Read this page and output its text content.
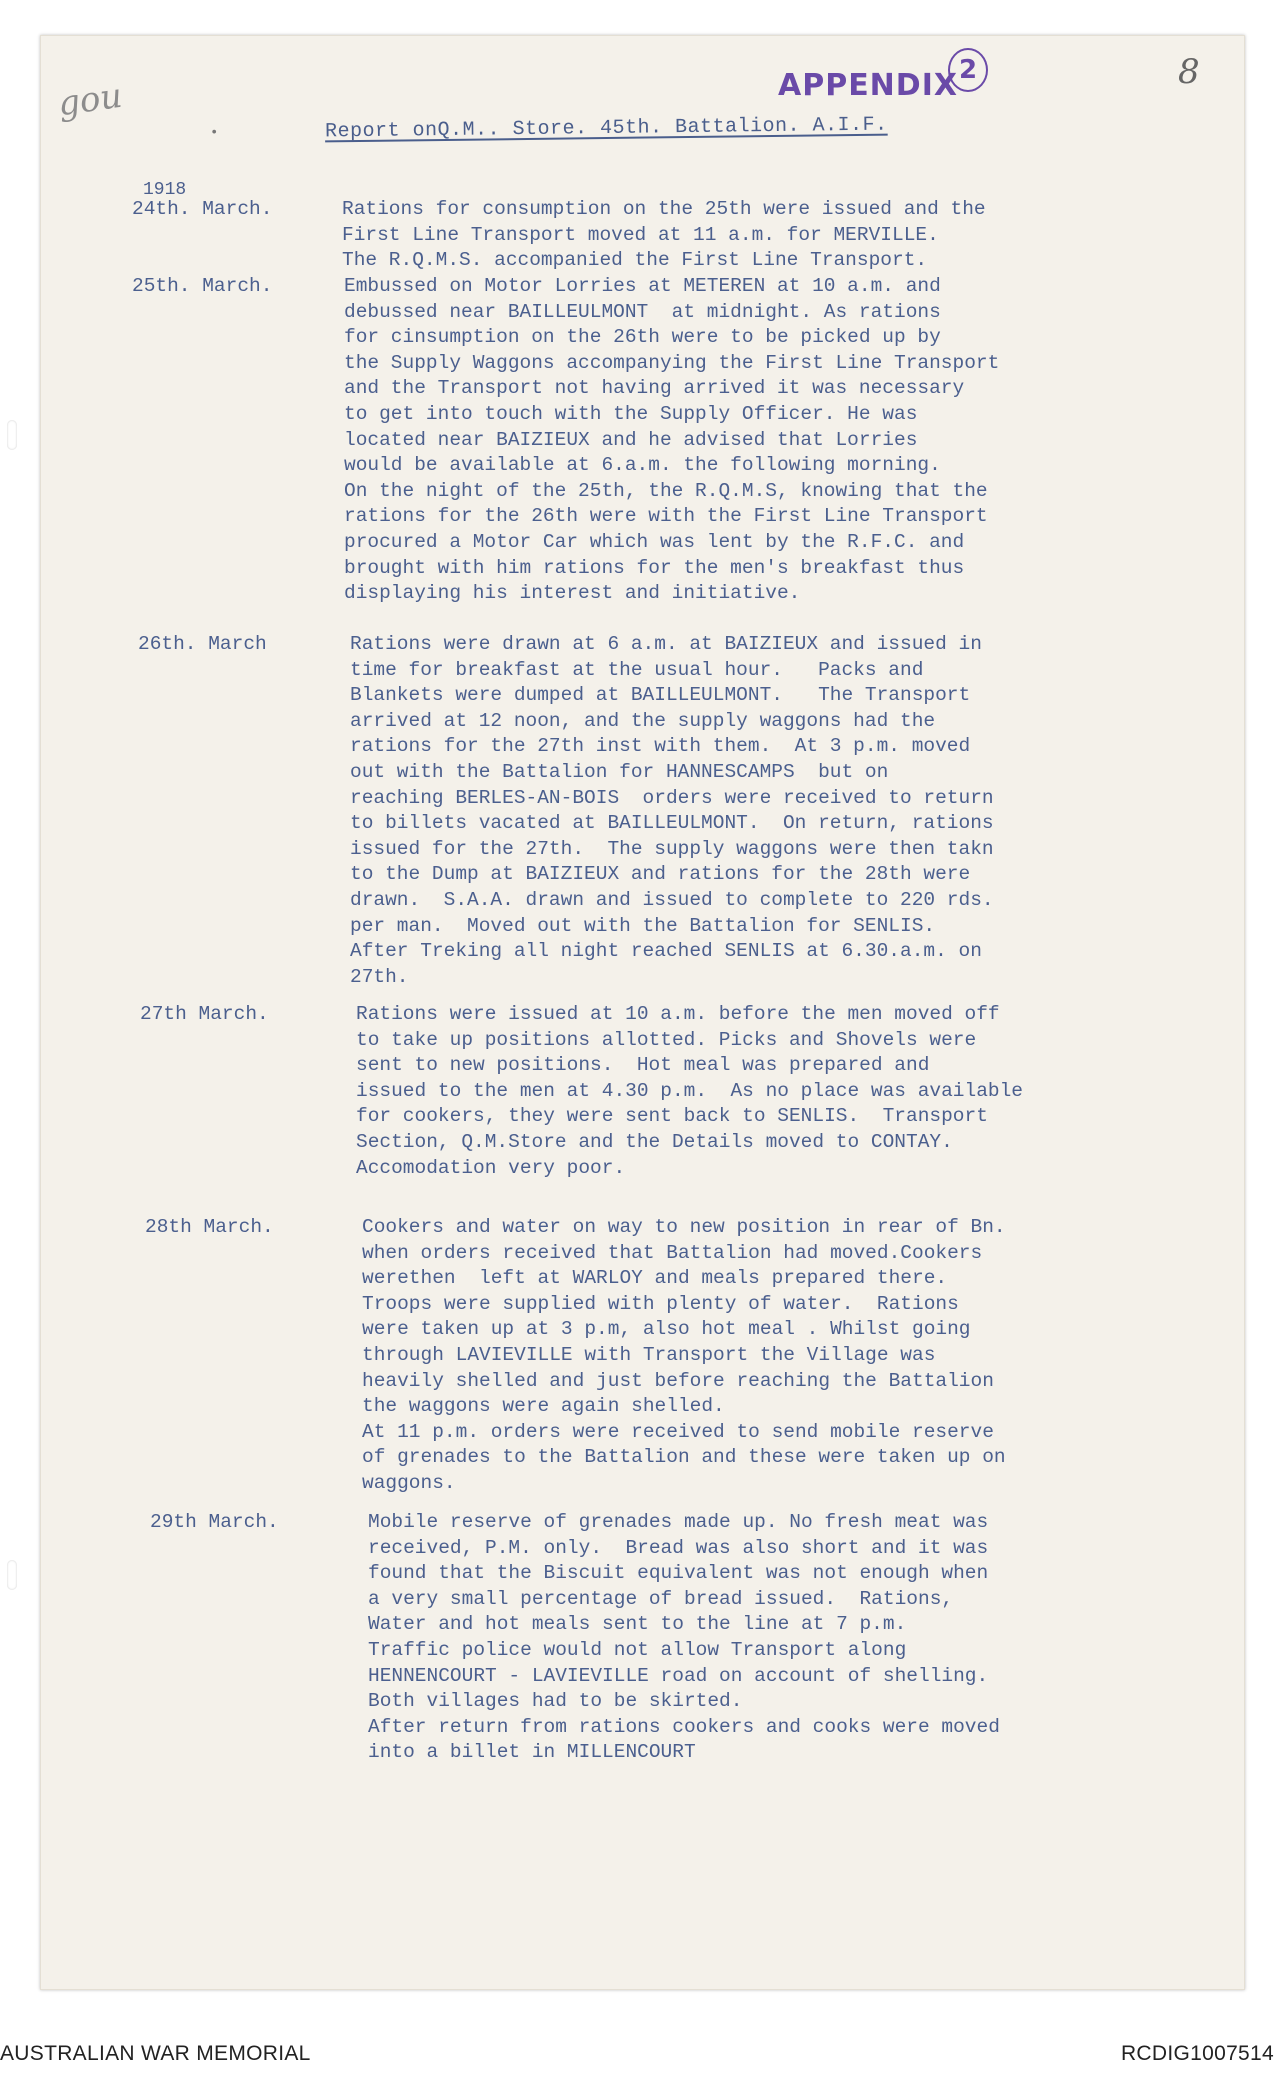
gou	APPENDIX 2	8
•	Report onQ.M.. Store. 45th. Battalion. A.I.F.
1918
24th. March.	Rations for consumption on the 25th were issued and the
First Line Transport moved at 11 a.m. for MERVILLE.
The R.Q.M.S. accompanied the First Line Transport.
25th. March.	Embussed on Motor Lorries at METEREN at 10 a.m. and
debussed near BAILLEULMONT  at midnight. As rations
for cinsumption on the 26th were to be picked up by
the Supply Waggons accompanying the First Line Transport
and the Transport not having arrived it was necessary
to get into touch with the Supply Officer. He was
located near BAIZIEUX and he advised that Lorries
would be available at 6.a.m. the following morning.
On the night of the 25th, the R.Q.M.S, knowing that the
rations for the 26th were with the First Line Transport
procured a Motor Car which was lent by the R.F.C. and
brought with him rations for the men's breakfast thus
displaying his interest and initiative.
26th. March	Rations were drawn at 6 a.m. at BAIZIEUX and issued in
time for breakfast at the usual hour.   Packs and
Blankets were dumped at BAILLEULMONT.   The Transport
arrived at 12 noon, and the supply waggons had the
rations for the 27th inst with them.  At 3 p.m. moved
out with the Battalion for HANNESCAMPS  but on
reaching BERLES-AN-BOIS  orders were received to return
to billets vacated at BAILLEULMONT.  On return, rations
issued for the 27th.  The supply waggons were then takn
to the Dump at BAIZIEUX and rations for the 28th were
drawn.  S.A.A. drawn and issued to complete to 220 rds.
per man.  Moved out with the Battalion for SENLIS.
After Treking all night reached SENLIS at 6.30.a.m. on
27th.
27th March.	Rations were issued at 10 a.m. before the men moved off
to take up positions allotted. Picks and Shovels were
sent to new positions.  Hot meal was prepared and
issued to the men at 4.30 p.m.  As no place was available
for cookers, they were sent back to SENLIS.  Transport
Section, Q.M.Store and the Details moved to CONTAY.
Accomodation very poor.
28th March.	Cookers and water on way to new position in rear of Bn.
when orders received that Battalion had moved.Cookers
werethen  left at WARLOY and meals prepared there.
Troops were supplied with plenty of water.  Rations
were taken up at 3 p.m, also hot meal . Whilst going
through LAVIEVILLE with Transport the Village was
heavily shelled and just before reaching the Battalion
the waggons were again shelled.
At 11 p.m. orders were received to send mobile reserve
of grenades to the Battalion and these were taken up on
waggons.
29th March.	Mobile reserve of grenades made up. No fresh meat was
received, P.M. only.  Bread was also short and it was
found that the Biscuit equivalent was not enough when
a very small percentage of bread issued.  Rations,
Water and hot meals sent to the line at 7 p.m.
Traffic police would not allow Transport along
HENNENCOURT - LAVIEVILLE road on account of shelling.
Both villages had to be skirted.
After return from rations cookers and cooks were moved
into a billet in MILLENCOURT
AUSTRALIAN WAR MEMORIAL	RCDIG1007514
